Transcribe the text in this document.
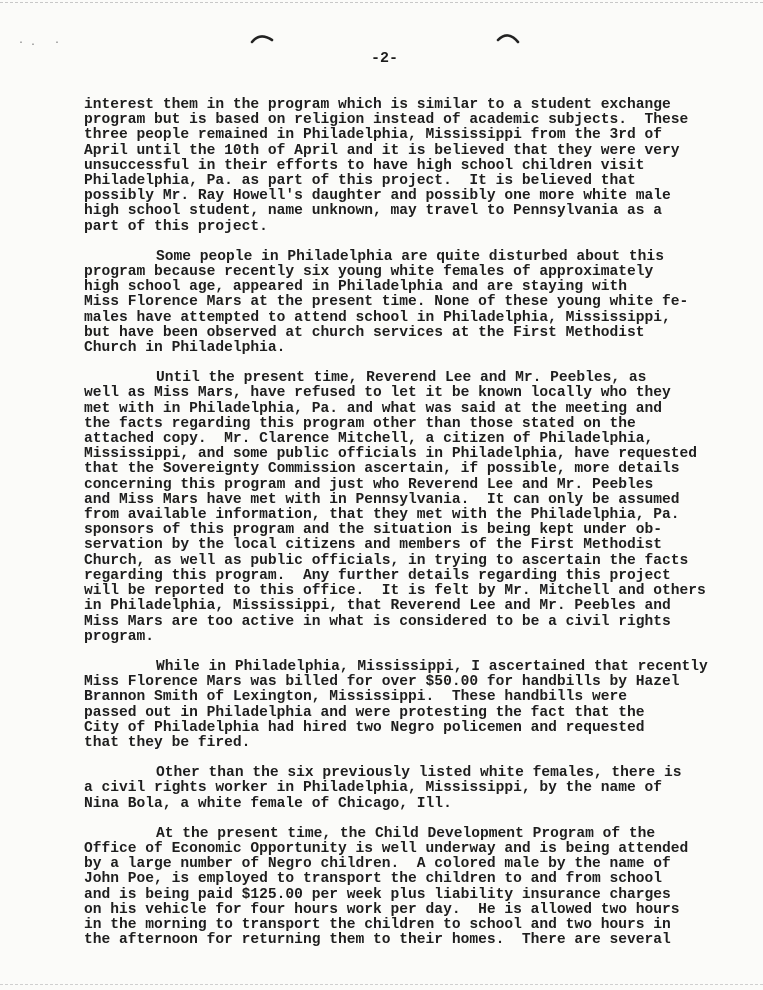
·. ·
-2-
interest them in the program which is similar to a student exchange
program but is based on religion instead of academic subjects.  These
three people remained in Philadelphia, Mississippi from the 3rd of
April until the 10th of April and it is believed that they were very
unsuccessful in their efforts to have high school children visit
Philadelphia, Pa. as part of this project.  It is believed that
possibly Mr. Ray Howell's daughter and possibly one more white male
high school student, name unknown, may travel to Pennsylvania as a
part of this project.
Some people in Philadelphia are quite disturbed about this
program because recently six young white females of approximately
high school age, appeared in Philadelphia and are staying with
Miss Florence Mars at the present time. None of these young white fe-
males have attempted to attend school in Philadelphia, Mississippi,
but have been observed at church services at the First Methodist
Church in Philadelphia.
Until the present time, Reverend Lee and Mr. Peebles, as
well as Miss Mars, have refused to let it be known locally who they
met with in Philadelphia, Pa. and what was said at the meeting and
the facts regarding this program other than those stated on the
attached copy.  Mr. Clarence Mitchell, a citizen of Philadelphia,
Mississippi, and some public officials in Philadelphia, have requested
that the Sovereignty Commission ascertain, if possible, more details
concerning this program and just who Reverend Lee and Mr. Peebles
and Miss Mars have met with in Pennsylvania.  It can only be assumed
from available information, that they met with the Philadelphia, Pa.
sponsors of this program and the situation is being kept under ob-
servation by the local citizens and members of the First Methodist
Church, as well as public officials, in trying to ascertain the facts
regarding this program.  Any further details regarding this project
will be reported to this office.  It is felt by Mr. Mitchell and others
in Philadelphia, Mississippi, that Reverend Lee and Mr. Peebles and
Miss Mars are too active in what is considered to be a civil rights
program.
While in Philadelphia, Mississippi, I ascertained that recently
Miss Florence Mars was billed for over $50.00 for handbills by Hazel
Brannon Smith of Lexington, Mississippi.  These handbills were
passed out in Philadelphia and were protesting the fact that the
City of Philadelphia had hired two Negro policemen and requested
that they be fired.
Other than the six previously listed white females, there is
a civil rights worker in Philadelphia, Mississippi, by the name of
Nina Bola, a white female of Chicago, Ill.
At the present time, the Child Development Program of the
Office of Economic Opportunity is well underway and is being attended
by a large number of Negro children.  A colored male by the name of
John Poe, is employed to transport the children to and from school
and is being paid $125.00 per week plus liability insurance charges
on his vehicle for four hours work per day.  He is allowed two hours
in the morning to transport the children to school and two hours in
the afternoon for returning them to their homes.  There are several
